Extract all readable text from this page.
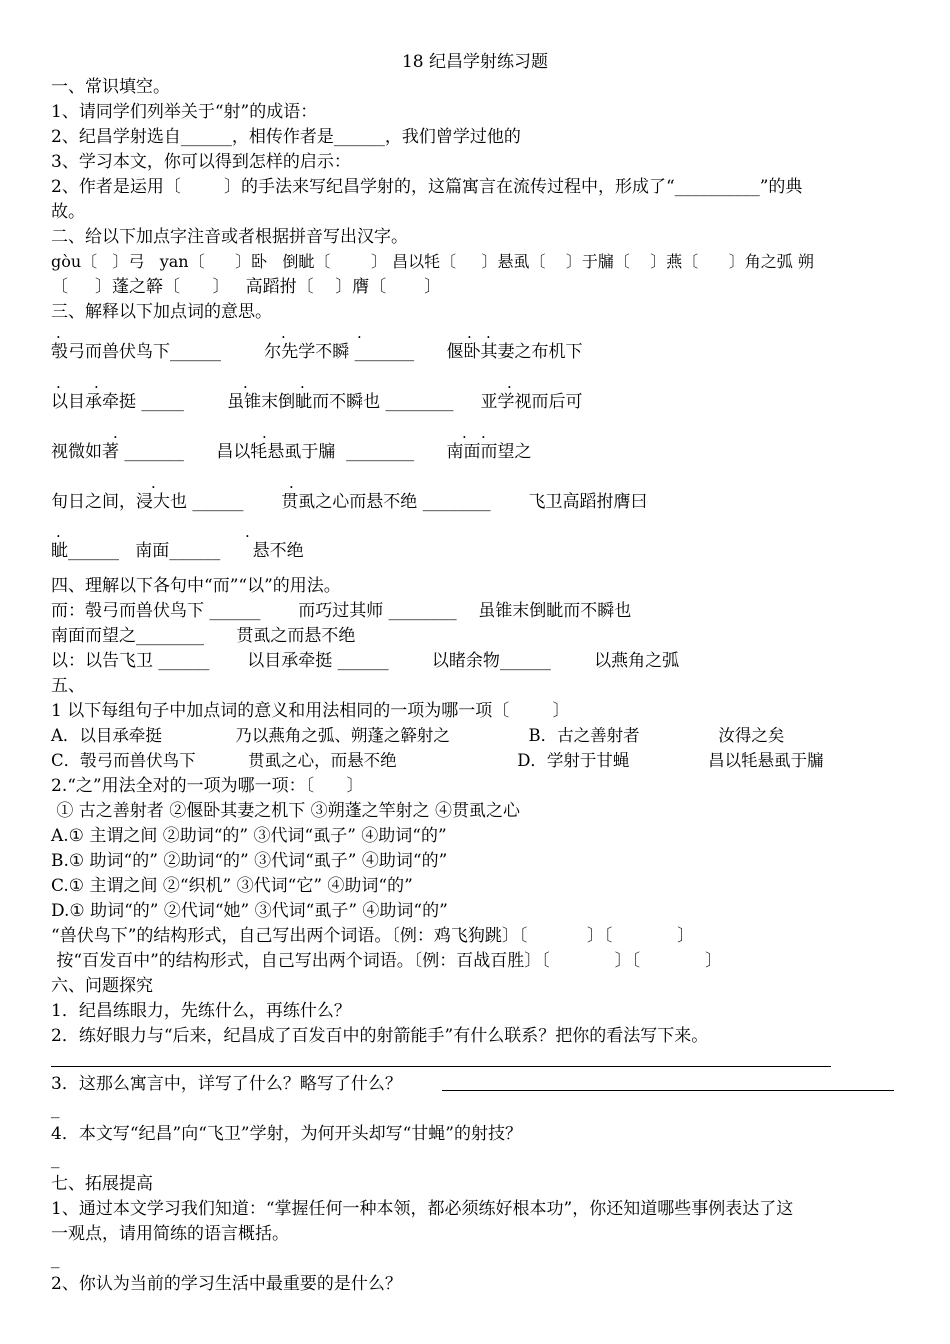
18 纪昌学射练习题
一、常识填空。
1、请同学们列举关于“射”的成语：
2、纪昌学射选自______，相传作者是______，我们曾学过他的
3、学习本文，你可以得到怎样的启示：
2、作者是运用〔        〕的手法来写纪昌学射的，这篇寓言在流传过程中，形成了“__________”的典
故。
二、给以下加点字注音或者根据拼音写出汉字。
gòu〔   〕弓   yan〔      〕卧   倒眦〔        〕 昌以牦〔     〕悬虱〔    〕于牖〔    〕燕〔      〕角之弧 朔
〔     〕蓬之簳〔      〕   高蹈拊〔    〕膺〔       〕
三、解释以下加点词的意思。
.	.	.	. .
彀弓而兽伏鸟下______        尔先学不瞬 _______      偃卧其妻之布机下
. .	.	.	.
以目承牵挺 _____        虽锥末倒眦而不瞬也 ________     亚学视而后可
.	.	. .
视微如著 _______      昌以牦悬虱于牖  ________      南面而望之
.	.
旬日之间，浸大也 ______       贯虱之心而悬不绝 ________       飞卫高蹈拊膺曰
.	.
眦______   南面______      悬不绝
四、理解以下各句中“而”“以”的用法。
而：彀弓而兽伏鸟下 ______       而巧过其师 ________    虽锥末倒眦而不瞬也
南面而望之________      贯虱之而悬不绝
以：以告飞卫 ______       以目承牵挺 ______        以睹余物______        以燕角之弧
五、
1 以下每组句子中加点词的意义和用法相同的一项为哪一项〔        〕
A．以目承牵挺              乃以燕角之弧、朔蓬之簳射之               B．古之善射者               汝得之矣
C．彀弓而兽伏鸟下          贯虱之心，而悬不绝                       D．学射于甘蝇               昌以牦悬虱于牖
2.“之”用法全对的一项为哪一项：〔      〕
① 古之善射者 ②偃卧其妻之机下 ③朔蓬之竿射之 ④贯虱之心
A.① 主谓之间 ②助词“的” ③代词“虱子” ④助词“的”
B.① 助词“的” ②助词“的” ③代词“虱子” ④助词“的”
C.① 主谓之间 ②“织机” ③代词“它” ④助词“的”
D.① 助词“的” ②代词“她” ③代词“虱子” ④助词“的”
“兽伏鸟下”的结构形式，自己写出两个词语。〔例：鸡飞狗跳〕〔           〕〔            〕
按“百发百中”的结构形式，自己写出两个词语。〔例：百战百胜〕〔            〕〔            〕
六、问题探究
1．纪昌练眼力，先练什么，再练什么？
2．练好眼力与“后来，纪昌成了百发百中的射箭能手”有什么联系？把你的看法写下来。
3．这那么寓言中，详写了什么？略写了什么？
_
4．本文写“纪昌”向“飞卫”学射，为何开头却写“甘蝇”的射技？
_
七、拓展提高
1、通过本文学习我们知道：“掌握任何一种本领，都必须练好根本功”，你还知道哪些事例表达了这
一观点，请用简练的语言概括。
_
2、你认为当前的学习生活中最重要的是什么？
